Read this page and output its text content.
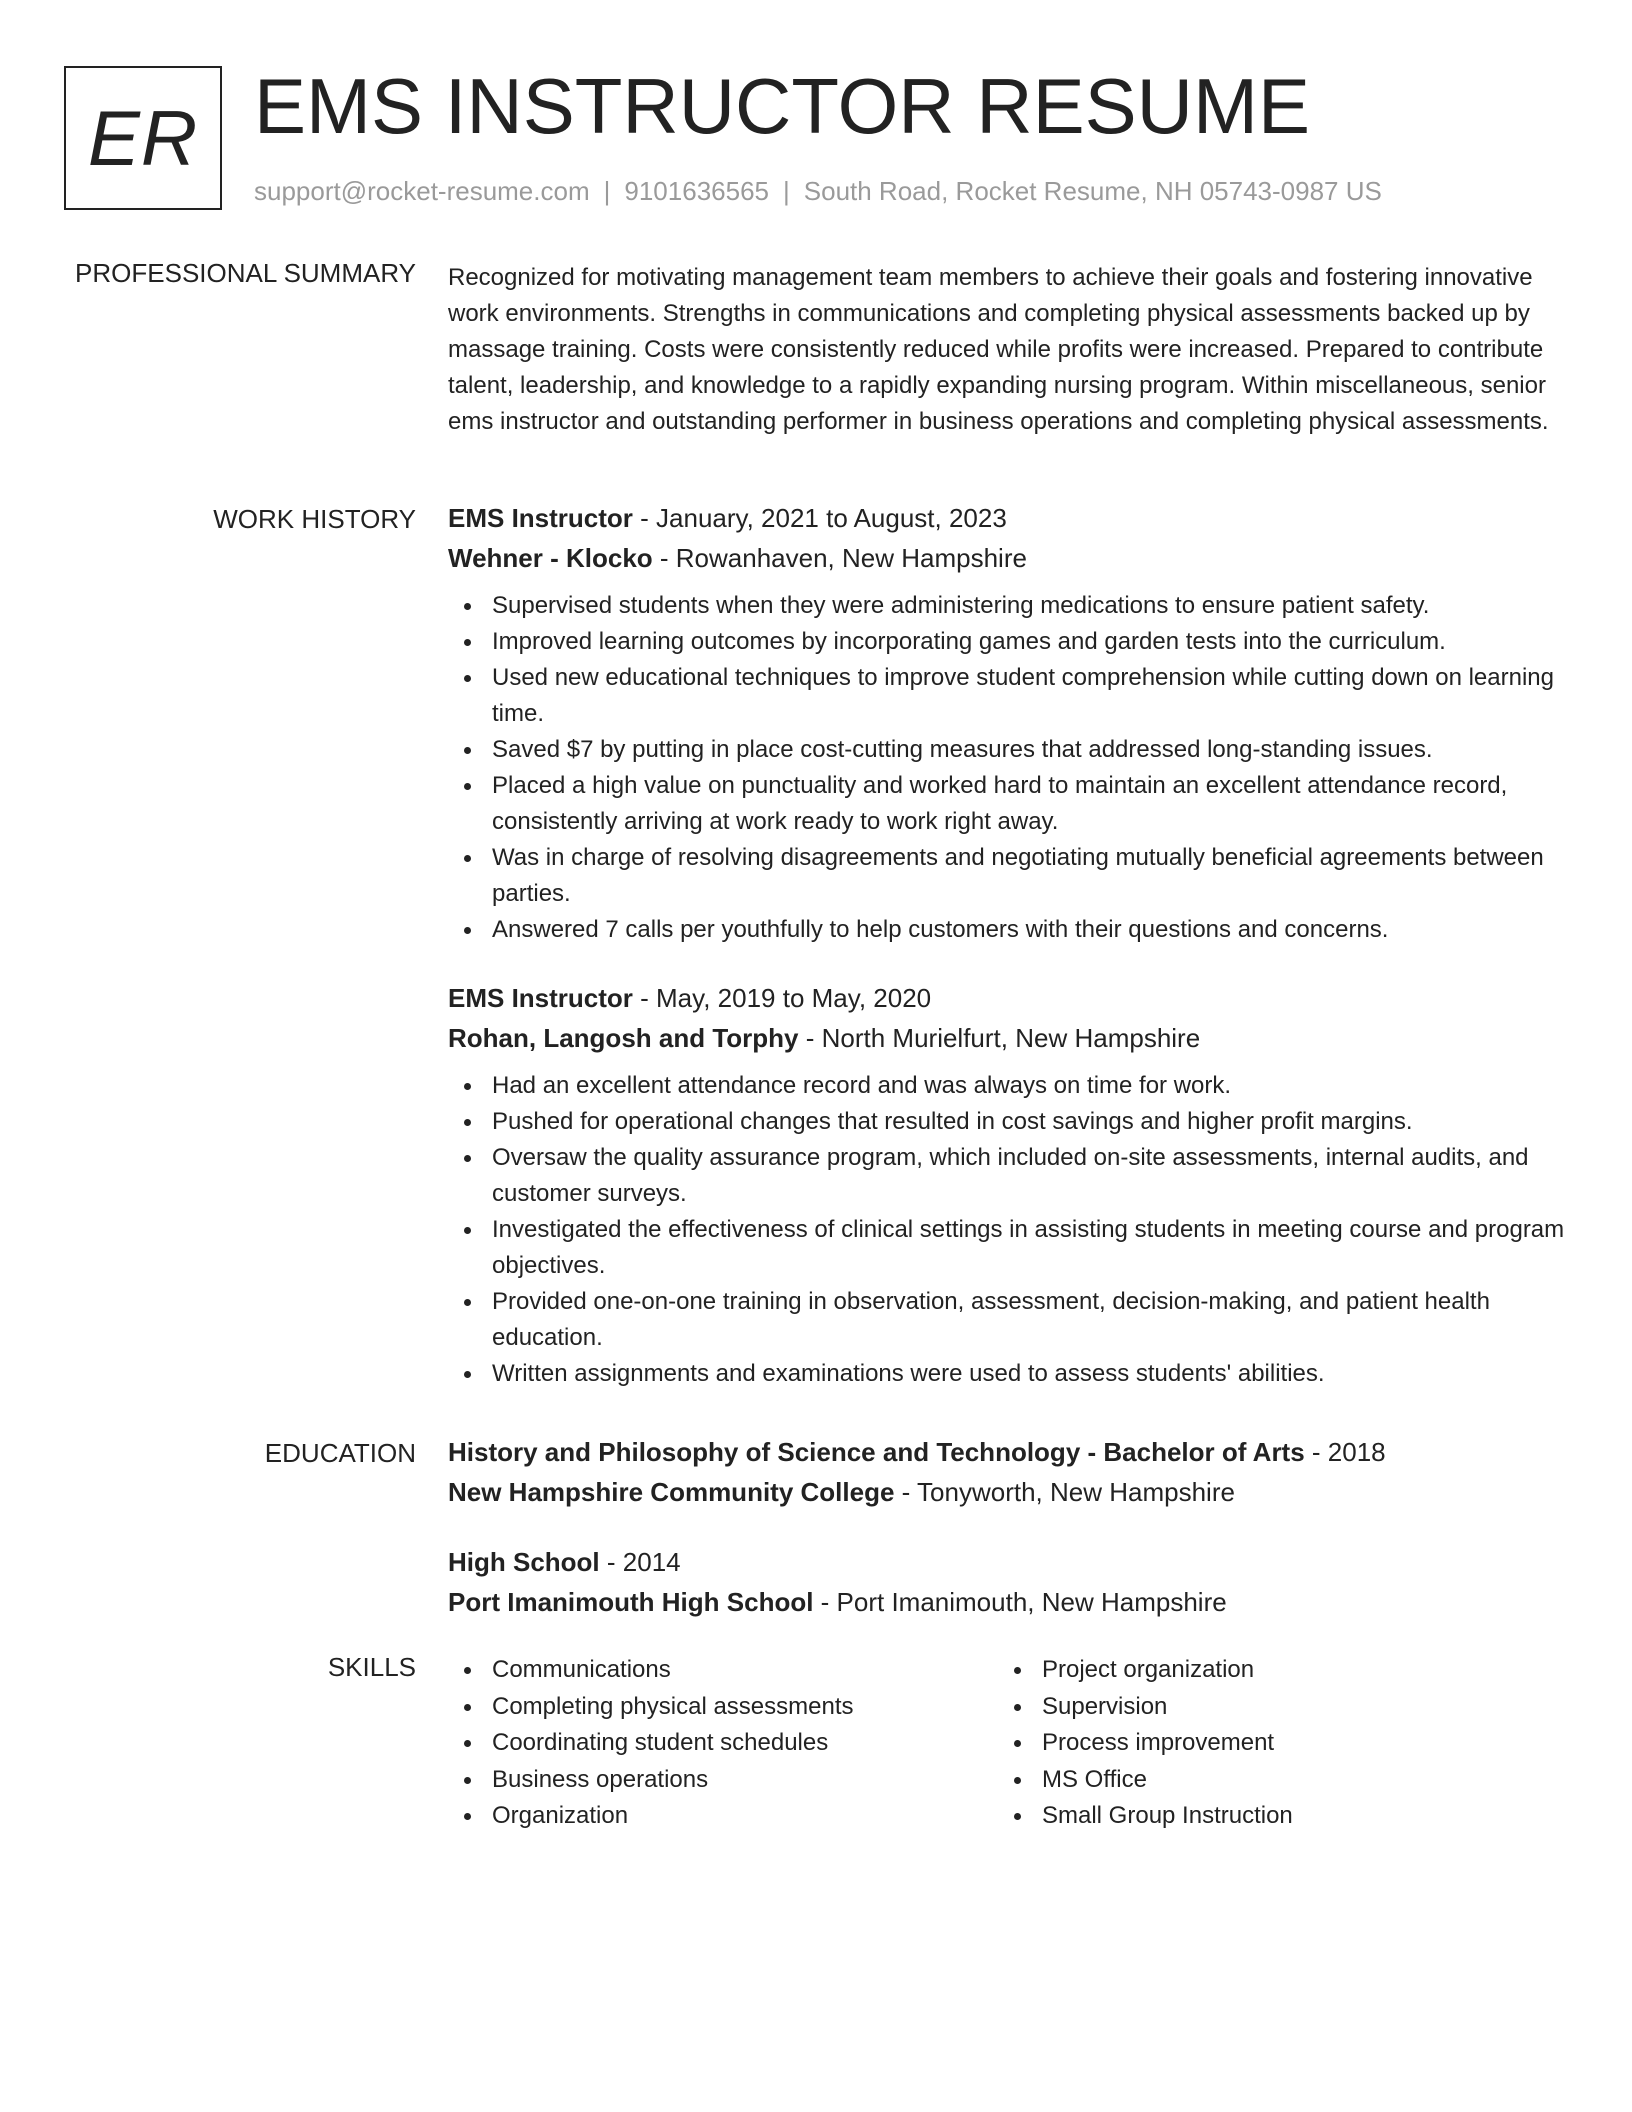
ER EMS INSTRUCTOR RESUME
support@rocket-resume.com | 9101636565 | South Road, Rocket Resume, NH 05743-0987 US
PROFESSIONAL SUMMARY Recognized for motivating management team members to achieve their goals and fostering innovative work environments. Strengths in communications and completing physical assessments backed up by massage training. Costs were consistently reduced while profits were increased. Prepared to contribute talent, leadership, and knowledge to a rapidly expanding nursing program. Within miscellaneous, senior ems instructor and outstanding performer in business operations and completing physical assessments.

WORK HISTORY EMS Instructor - January, 2021 to August, 2023
Wehner - Klocko - Rowanhaven, New Hampshire
Supervised students when they were administering medications to ensure patient safety.
Improved learning outcomes by incorporating games and garden tests into the curriculum.
Used new educational techniques to improve student comprehension while cutting down on learning time.
Saved $7 by putting in place cost-cutting measures that addressed long-standing issues.
Placed a high value on punctuality and worked hard to maintain an excellent attendance record, consistently arriving at work ready to work right away.
Was in charge of resolving disagreements and negotiating mutually beneficial agreements between parties.
Answered 7 calls per youthfully to help customers with their questions and concerns.
EMS Instructor - May, 2019 to May, 2020
Rohan, Langosh and Torphy - North Murielfurt, New Hampshire
Had an excellent attendance record and was always on time for work.
Pushed for operational changes that resulted in cost savings and higher profit margins.
Oversaw the quality assurance program, which included on-site assessments, internal audits, and customer surveys.
Investigated the effectiveness of clinical settings in assisting students in meeting course and program objectives.
Provided one-on-one training in observation, assessment, decision-making, and patient health education.
Written assignments and examinations were used to assess students' abilities.
EDUCATION History and Philosophy of Science and Technology - Bachelor of Arts - 2018
New Hampshire Community College - Tonyworth, New Hampshire
High School - 2014
Port Imanimouth High School - Port Imanimouth, New Hampshire
SKILLS	Communications
Completing physical assessments
Coordinating student schedules
Business operations
Organization
Project organization
Supervision
Process improvement
MS Office
Small Group Instruction
